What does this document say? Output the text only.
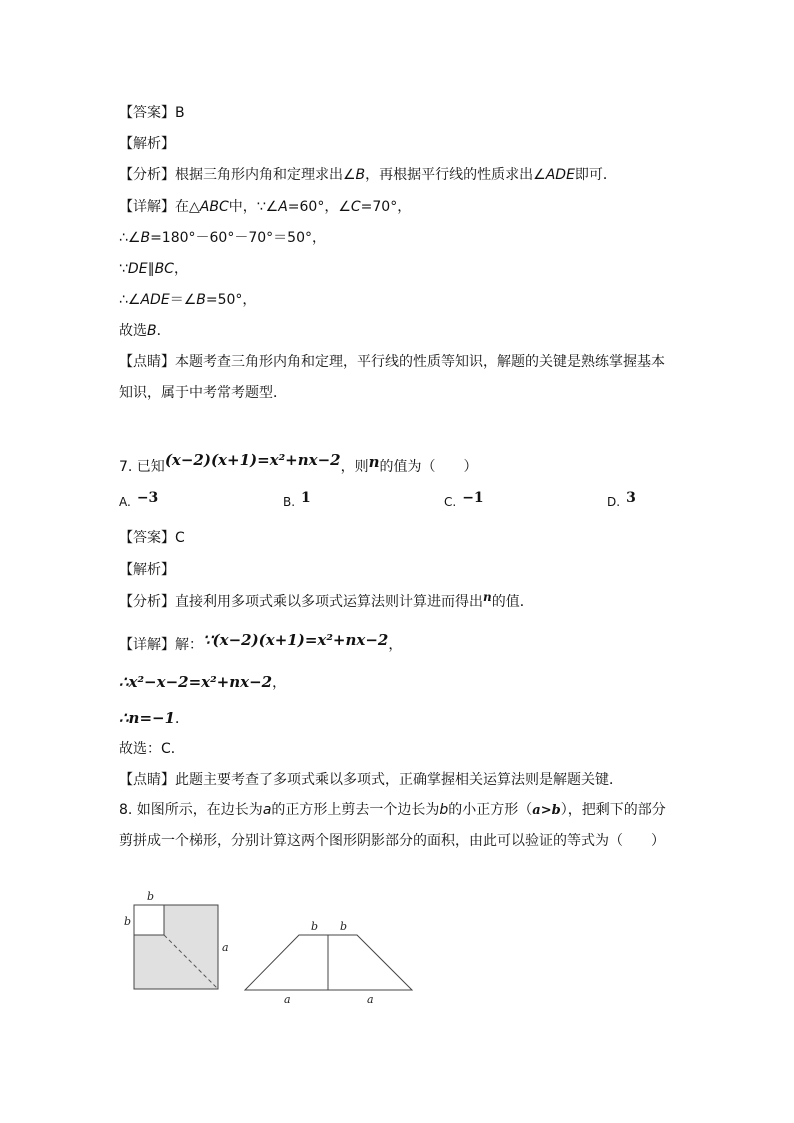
【答案】B
【解析】
【分析】根据三角形内角和定理求出∠B，再根据平行线的性质求出∠ADE即可．
【详解】在△ABC中，∵∠A=60°，∠C=70°，
∴∠B=180°－60°－70°＝50°，
∵DE∥BC，
∴∠ADE＝∠B=50°，
故选B．
【点睛】本题考查三角形内角和定理，平行线的性质等知识，解题的关键是熟练掌握基本知识，属于中考常考题型．
7. 已知(x−2)(x+1)=x²+nx−2，则n的值为（　　）
A. −3	B. 1	C. −1	D. 3
【答案】C
【解析】
【分析】直接利用多项式乘以多项式运算法则计算进而得出n的值．
【详解】解：∵(x−2)(x+1)=x²+nx−2，
∴x²−x−2=x²+nx−2，
∴n=−1．
故选：C．
【点睛】此题主要考查了多项式乘以多项式，正确掌握相关运算法则是解题关键．
8. 如图所示，在边长为a的正方形上剪去一个边长为b的小正方形（a>b），把剩下的部分剪拼成一个梯形，分别计算这两个图形阴影部分的面积，由此可以验证的等式为（　　）
b
b
a
b b
a	a
